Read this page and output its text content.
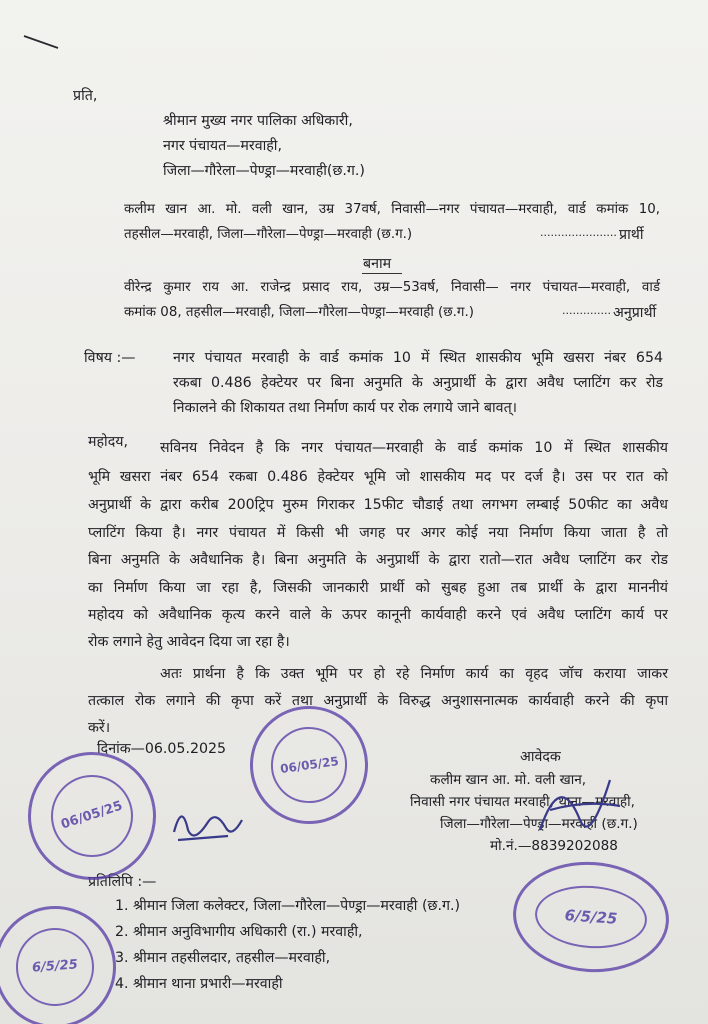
प्रति,
श्रीमान मुख्य नगर पालिका अधिकारी,
नगर पंचायत—मरवाही,
जिला—गौरेला—पेण्ड्रा—मरवाही(छ.ग.)
कलीम खान आ. मो. वली खान, उम्र 37वर्ष, निवासी—नगर पंचायत—मरवाही, वार्ड कमांक 10,
तहसील—मरवाही, जिला—गौरेला—पेण्ड्रा—मरवाही (छ.ग.)	...................... प्रार्थी
बनाम
वीरेन्द्र कुमार राय आ. राजेन्द्र प्रसाद राय, उम्र—53वर्ष, निवासी— नगर पंचायत—मरवाही, वार्ड
कमांक 08, तहसील—मरवाही, जिला—गौरेला—पेण्ड्रा—मरवाही (छ.ग.)	.............. अनुप्रार्थी
विषय :—	नगर पंचायत मरवाही के वार्ड कमांक 10 में स्थित शासकीय भूमि खसरा नंबर 654
रकबा 0.486 हेक्टेयर पर बिना अनुमति के अनुप्रार्थी के द्वारा अवैध प्लाटिंग कर रोड
निकालने की शिकायत तथा निर्माण कार्य पर रोक लगाये जाने बावत्।
महोदय, सविनय निवेदन है कि नगर पंचायत—मरवाही के वार्ड कमांक 10 में स्थित शासकीय
भूमि खसरा नंबर 654 रकबा 0.486 हेक्टेयर भूमि जो शासकीय मद पर दर्ज है। उस पर रात को
अनुप्रार्थी के द्वारा करीब 200ट्रिप मुरुम गिराकर 15फीट चौडाई तथा लगभग लम्बाई 50फीट का अवैध
प्लाटिंग किया है। नगर पंचायत में किसी भी जगह पर अगर कोई नया निर्माण किया जाता है तो
बिना अनुमति के अवैधानिक है। बिना अनुमति के अनुप्रार्थी के द्वारा रातो—रात अवैध प्लाटिंग कर रोड
का निर्माण किया जा रहा है, जिसकी जानकारी प्रार्थी को सुबह हुआ तब प्रार्थी के द्वारा माननीयं
महोदय को अवैधानिक कृत्य करने वाले के ऊपर कानूनी कार्यवाही करने एवं अवैध प्लाटिंग कार्य पर
रोक लगाने हेतु आवेदन दिया जा रहा है।
अतः प्रार्थना है कि उक्त भूमि पर हो रहे निर्माण कार्य का वृहद जॉच कराया जाकर
तत्काल रोक लगाने की कृपा करें तथा अनुप्रार्थी के विरुद्ध अनुशासनात्मक कार्यवाही करने की कृपा
करें।
दिनांक—06.05.2025	आवेदक
कलीम खान आ. मो. वली खान,
निवासी नगर पंचायत मरवाही, थाना—मरवाही,
जिला—गौरेला—पेण्ड्रा—मरवाही (छ.ग.)
मो.नं.—8839202088
प्रतिलिपि :—
1. श्रीमान जिला कलेक्टर, जिला—गौरेला—पेण्ड्रा—मरवाही (छ.ग.)
2. श्रीमान अनुविभागीय अधिकारी (रा.) मरवाही,
3. श्रीमान तहसीलदार, तहसील—मरवाही,
4. श्रीमान थाना प्रभारी—मरवाही
06/05/25
06/05/25
6/5/25
6/5/25
